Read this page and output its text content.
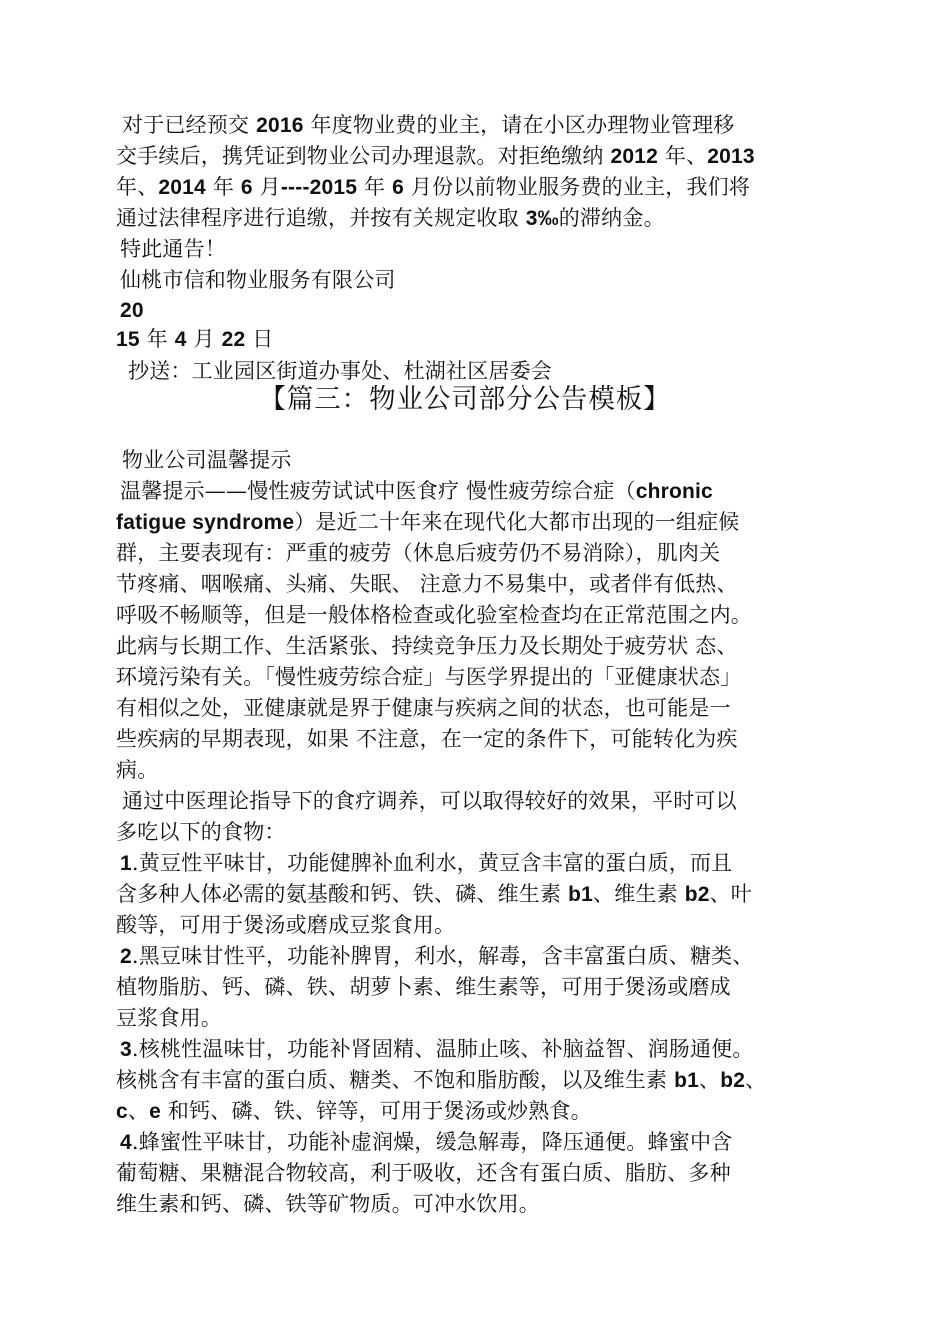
对于已经预交 2016 年度物业费的业主，请在小区办理物业管理移
交手续后，携凭证到物业公司办理退款。对拒绝缴纳 2012 年、2013
年、2014 年 6 月----2015 年 6 月份以前物业服务费的业主，我们将
通过法律程序进行追缴，并按有关规定收取 3‰的滞纳金。
特此通告！
仙桃市信和物业服务有限公司
20
15 年 4 月 22 日
抄送：工业园区街道办事处、杜湖社区居委会
【篇三：物业公司部分公告模板】
物业公司温馨提示
温馨提示——慢性疲劳试试中医食疗 慢性疲劳综合症（chronic
fatigue syndrome）是近二十年来在现代化大都市出现的一组症候
群，主要表现有：严重的疲劳（休息后疲劳仍不易消除），肌肉关
节疼痛、咽喉痛、头痛、失眠、 注意力不易集中，或者伴有低热、
呼吸不畅顺等，但是一般体格检查或化验室检查均在正常范围之内。
此病与长期工作、生活紧张、持续竞争压力及长期处于疲劳状 态、
环境污染有关。「慢性疲劳综合症」与医学界提出的「亚健康状态」
有相似之处，亚健康就是界于健康与疾病之间的状态，也可能是一
些疾病的早期表现，如果 不注意，在一定的条件下，可能转化为疾
病。
通过中医理论指导下的食疗调养，可以取得较好的效果，平时可以
多吃以下的食物：
1.黄豆性平味甘，功能健脾补血利水，黄豆含丰富的蛋白质，而且
含多种人体必需的氨基酸和钙、铁、磷、维生素 b1、维生素 b2、叶
酸等，可用于煲汤或磨成豆浆食用。
2.黑豆味甘性平，功能补脾胃，利水，解毒，含丰富蛋白质、糖类、
植物脂肪、钙、磷、铁、胡萝卜素、维生素等，可用于煲汤或磨成
豆浆食用。
3.核桃性温味甘，功能补肾固精、温肺止咳、补脑益智、润肠通便。
核桃含有丰富的蛋白质、糖类、不饱和脂肪酸，以及维生素 b1、b2、
c、e 和钙、磷、铁、锌等，可用于煲汤或炒熟食。
4.蜂蜜性平味甘，功能补虚润燥，缓急解毒，降压通便。蜂蜜中含
葡萄糖、果糖混合物较高，利于吸收，还含有蛋白质、脂肪、多种
维生素和钙、磷、铁等矿物质。可冲水饮用。
